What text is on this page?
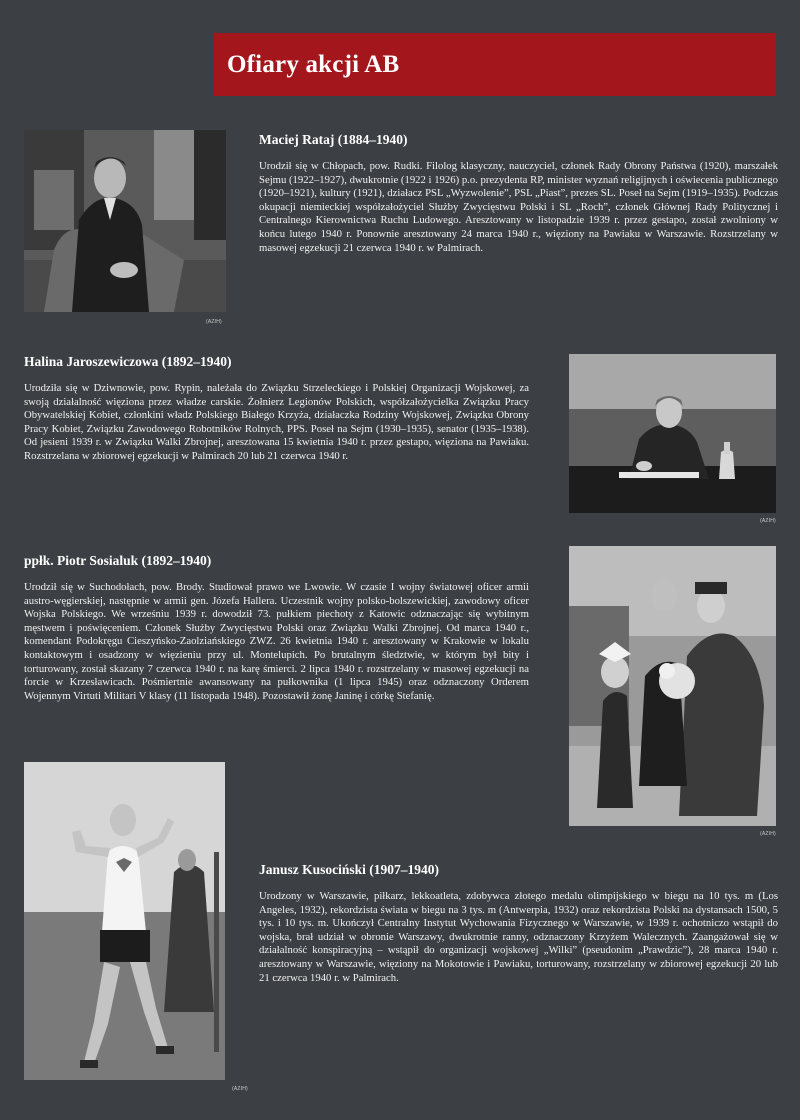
Ofiary akcji AB
(AZIH)
Maciej Rataj (1884–1940)

Urodził się w Chłopach, pow. Rudki. Filolog klasyczny, nauczyciel, członek Rady Obrony Państwa (1920), marszałek Sejmu (1922–1927), dwukrotnie (1922 i 1926) p.o. prezydenta RP, minister wyznań religijnych i oświecenia publicznego (1920–1921), kultury (1921), działacz PSL „Wyzwolenie”, PSL „Piast”, prezes SL. Poseł na Sejm (1919–1935). Podczas okupacji niemieckiej współzałożyciel Służby Zwycięstwu Polski i SL „Roch”, członek Głównej Rady Politycznej i Centralnego Kierownictwa Ruchu Ludowego. Aresztowany w listopadzie 1939 r. przez gestapo, został zwolniony w końcu lutego 1940 r. Ponownie aresztowany 24 marca 1940 r., więziony na Pawiaku w Warszawie. Rozstrzelany w masowej egzekucji 21 czerwca 1940 r. w Palmirach.

Halina Jaroszewiczowa (1892–1940)

Urodziła się w Dziwnowie, pow. Rypin, należała do Związku Strzeleckiego i Polskiej Organizacji Wojskowej, za swoją działalność więziona przez władze carskie. Żołnierz Legionów Polskich, współzałożycielka Związku Pracy Obywatelskiej Kobiet, członkini władz Polskiego Białego Krzyża, działaczka Rodziny Wojskowej, Związku Obrony Pracy Kobiet, Związku Zawodowego Robotników Rolnych, PPS. Poseł na Sejm (1930–1935), senator (1935–1938). Od jesieni 1939 r. w Związku Walki Zbrojnej, aresztowana 15 kwietnia 1940 r. przez gestapo, więziona na Pawiaku. Rozstrzelana w zbiorowej egzekucji w Palmirach 20 lub 21 czerwca 1940 r.

(AZIH)
ppłk. Piotr Sosialuk (1892–1940)

Urodził się w Suchodołach, pow. Brody. Studiował prawo we Lwowie. W czasie I wojny światowej oficer armii austro-węgierskiej, następnie w armii gen. Józefa Hallera. Uczestnik wojny polsko-bolszewickiej, zawodowy oficer Wojska Polskiego. We wrześniu 1939 r. dowodził 73. pułkiem piechoty z Katowic odznaczając się wybitnym męstwem i poświęceniem. Członek Służby Zwycięstwu Polski oraz Związku Walki Zbrojnej. Od marca 1940 r., komendant Podokręgu Cieszyńsko-Zaolziańskiego ZWZ. 26 kwietnia 1940 r. aresztowany w Krakowie w lokalu kontaktowym i osadzony w więzieniu przy ul. Montelupich. Po brutalnym śledztwie, w którym był bity i torturowany, został skazany 7 czerwca 1940 r. na karę śmierci. 2 lipca 1940 r. rozstrzelany w masowej egzekucji na forcie w Krzesławicach. Pośmiertnie awansowany na pułkownika (1 lipca 1945) oraz odznaczony Orderem Wojennym Virtuti Militari V klasy (11 listopada 1948). Pozostawił żonę Janinę i córkę Stefanię.

(AZIH)
(AZIH)
Janusz Kusociński (1907–1940)

Urodzony w Warszawie, piłkarz, lekkoatleta, zdobywca złotego medalu olimpijskiego w biegu na 10 tys. m (Los Angeles, 1932), rekordzista świata w biegu na 3 tys. m (Antwerpia, 1932) oraz rekordzista Polski na dystansach 1500, 5 tys. i 10 tys. m. Ukończył Centralny Instytut Wychowania Fizycznego w Warszawie, w 1939 r. ochotniczo wstąpił do wojska, brał udział w obronie Warszawy, dwukrotnie ranny, odznaczony Krzyżem Walecznych. Zaangażował się w działalność konspiracyjną – wstąpił do organizacji wojskowej „Wilki” (pseudonim „Prawdzic”), 28 marca 1940 r. aresztowany w Warszawie, więziony na Mokotowie i Pawiaku, torturowany, rozstrzelany w zbiorowej egzekucji 20 lub 21 czerwca 1940 r. w Palmirach.
